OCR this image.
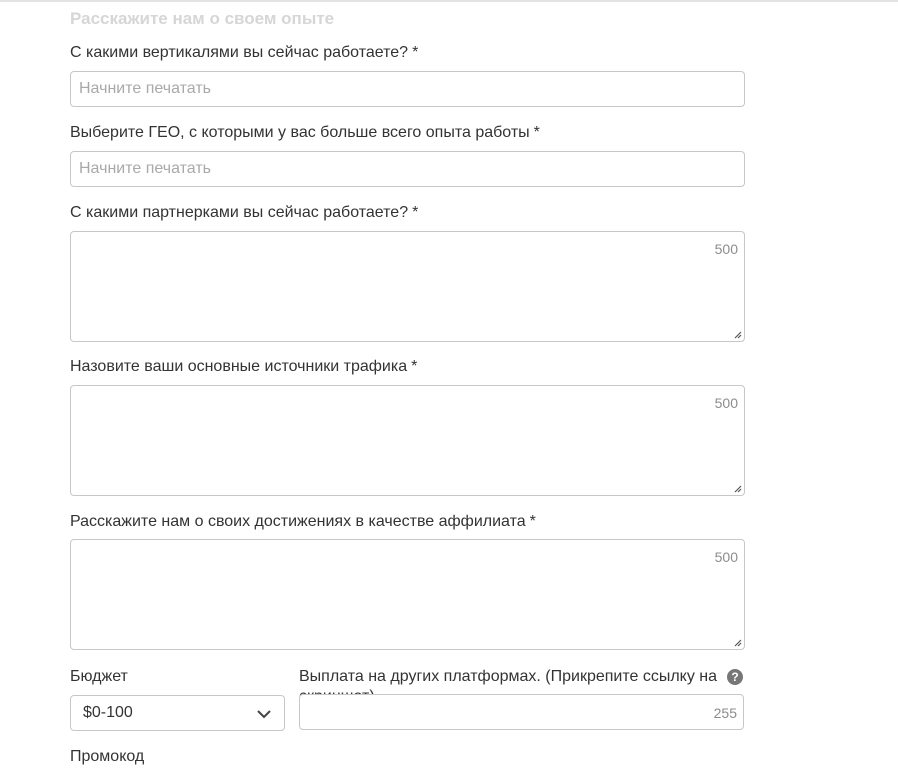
Расскажите нам о своем опыте
С какими вертикалями вы сейчас работаете? *
Начните печатать
Выберите ГЕО, с которыми у вас больше всего опыта работы *
Начните печатать
С какими партнерками вы сейчас работаете? *
500
Назовите ваши основные источники трафика *
500
Расскажите нам о своих достижениях в качестве аффилиата *
500
Бюджет
$0-100
Выплата на других платформах. (Прикрепите ссылку на	?
255
Промокод
